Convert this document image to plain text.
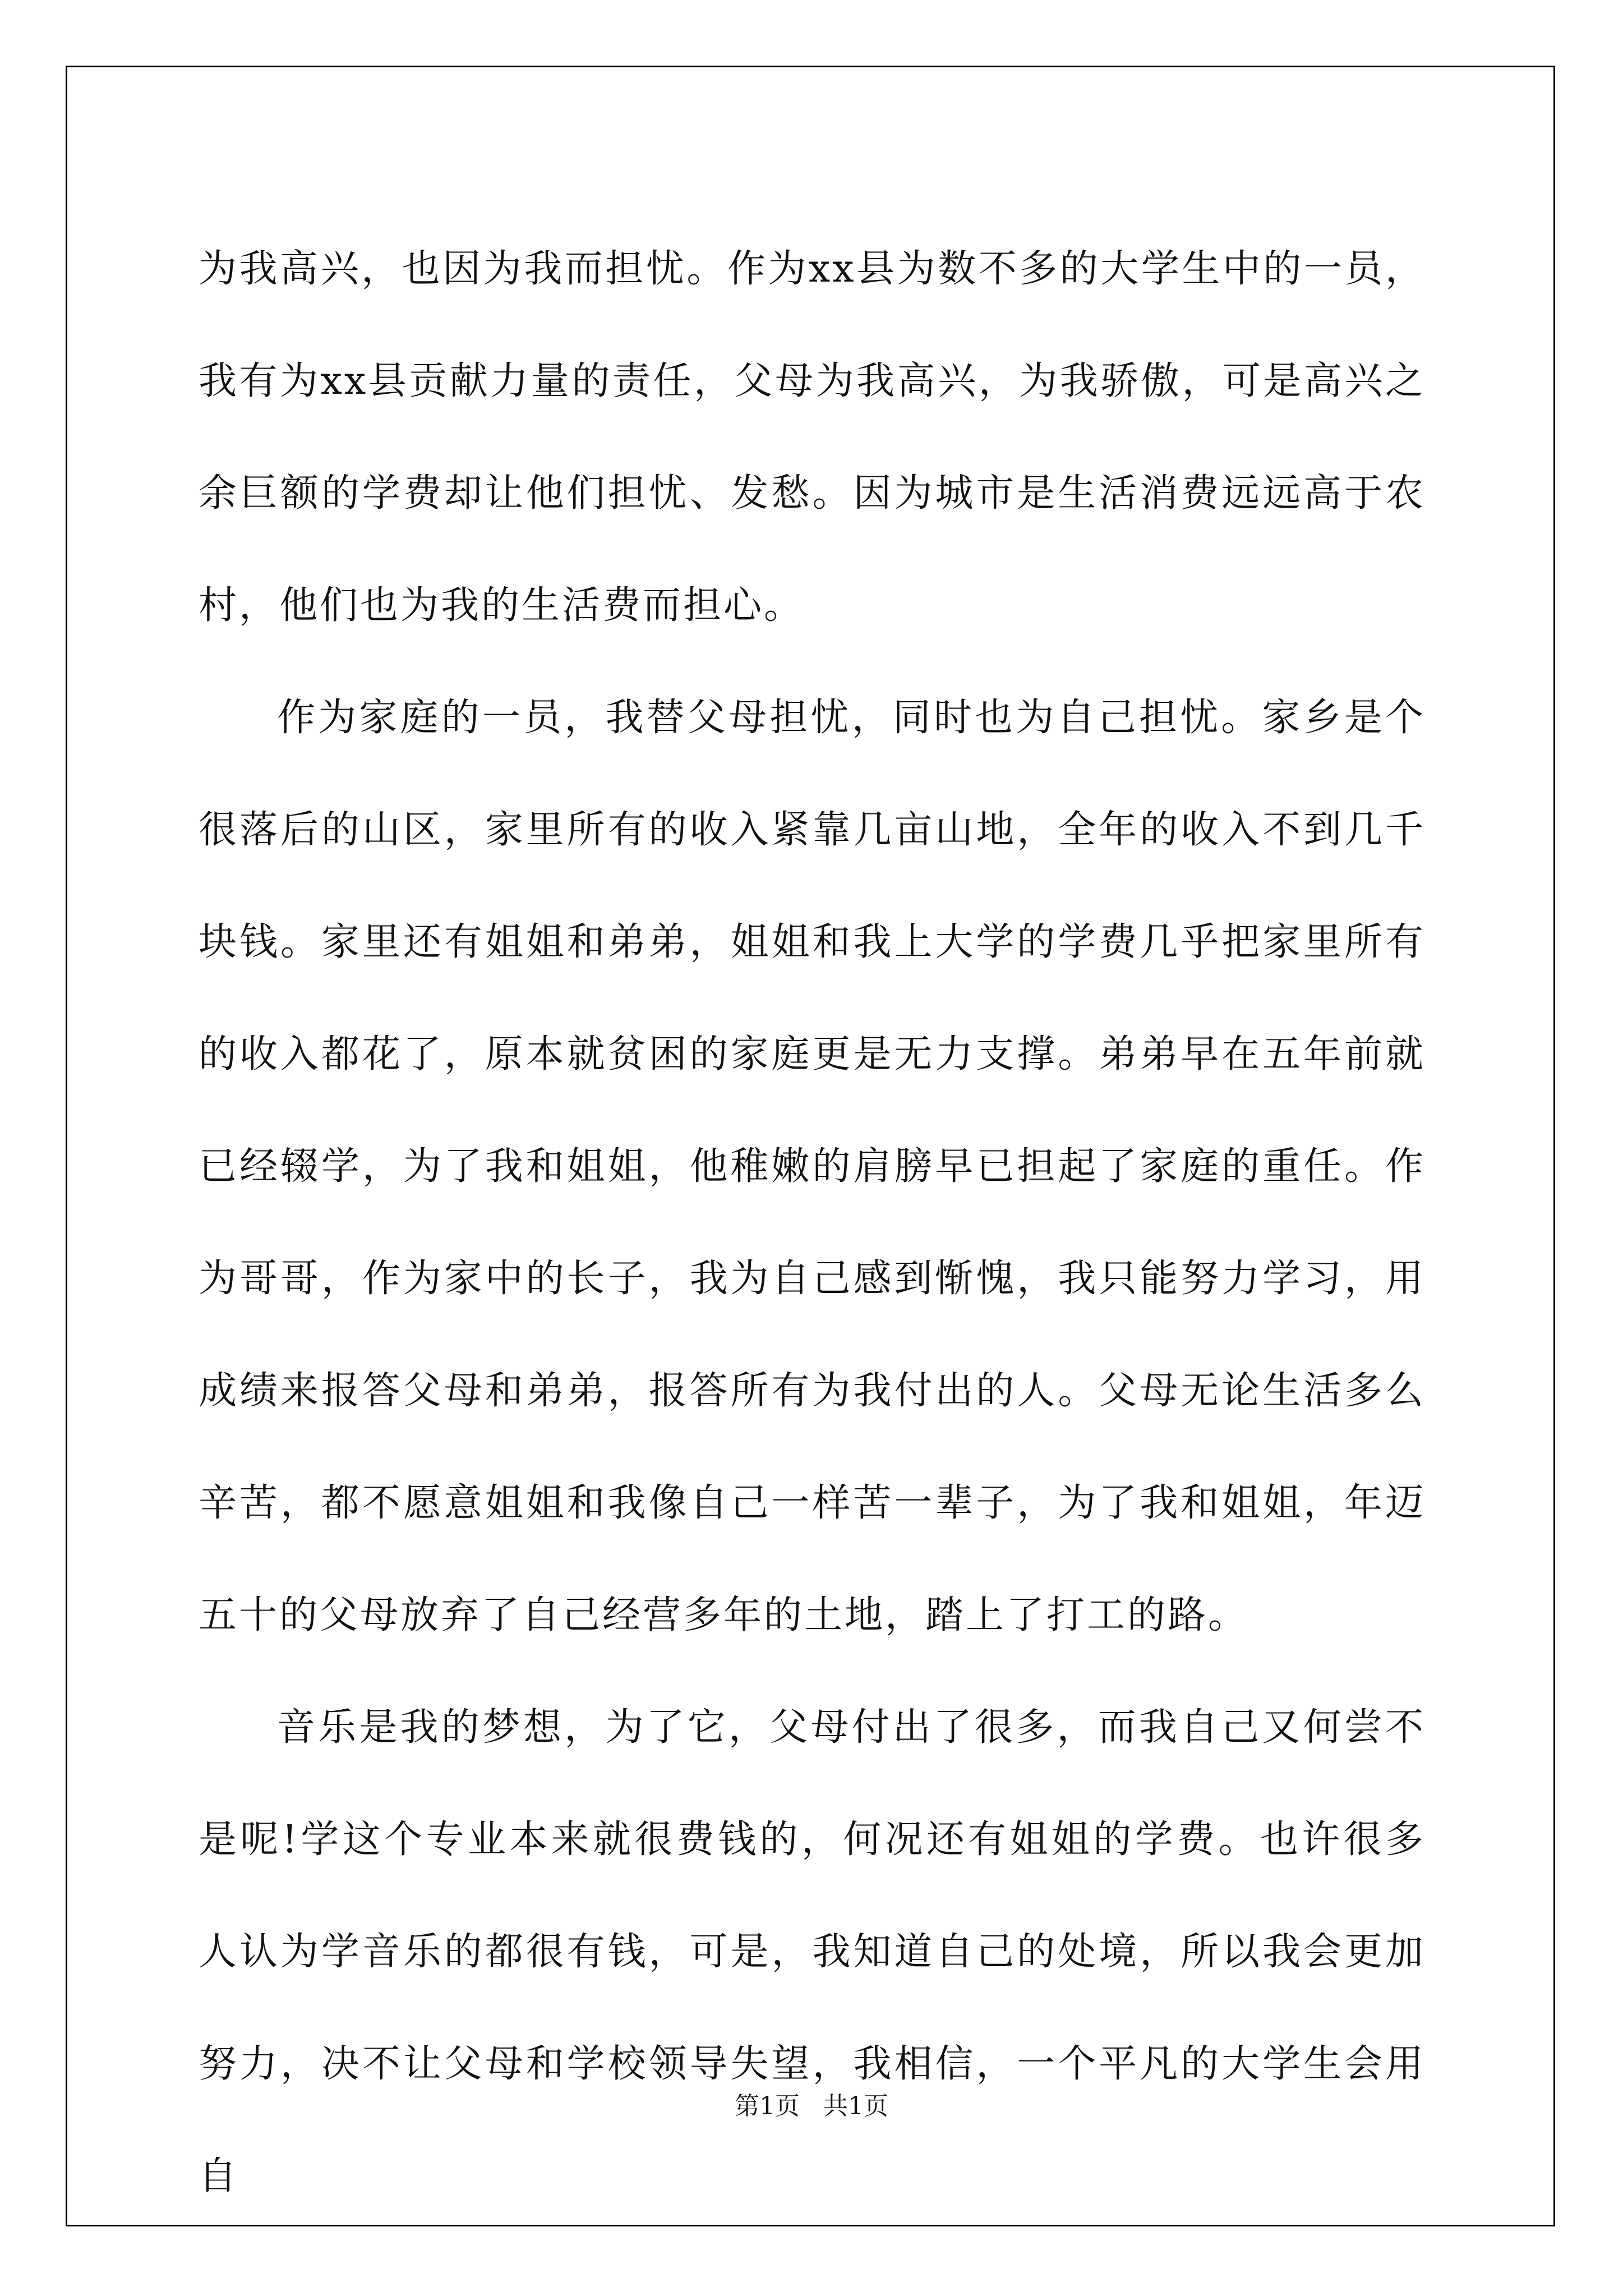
为我高兴，也因为我而担忧。作为xx县为数不多的大学生中的一员，我有为xx县贡献力量的责任，父母为我高兴，为我骄傲，可是高兴之余巨额的学费却让他们担忧、发愁。因为城市是生活消费远远高于农村，他们也为我的生活费而担心。

作为家庭的一员，我替父母担忧，同时也为自己担忧。家乡是个很落后的山区，家里所有的收入紧靠几亩山地，全年的收入不到几千块钱。家里还有姐姐和弟弟，姐姐和我上大学的学费几乎把家里所有的收入都花了，原本就贫困的家庭更是无力支撑。弟弟早在五年前就已经辍学，为了我和姐姐，他稚嫩的肩膀早已担起了家庭的重任。作为哥哥，作为家中的长子，我为自己感到惭愧，我只能努力学习，用成绩来报答父母和弟弟，报答所有为我付出的人。父母无论生活多么辛苦，都不愿意姐姐和我像自己一样苦一辈子，为了我和姐姐，年迈五十的父母放弃了自己经营多年的土地，踏上了打工的路。

音乐是我的梦想，为了它，父母付出了很多，而我自己又何尝不是呢!学这个专业本来就很费钱的，何况还有姐姐的学费。也许很多人认为学音乐的都很有钱，可是，我知道自己的处境，所以我会更加努力，决不让父母和学校领导失望，我相信，一个平凡的大学生会用自

第1页   共1页
